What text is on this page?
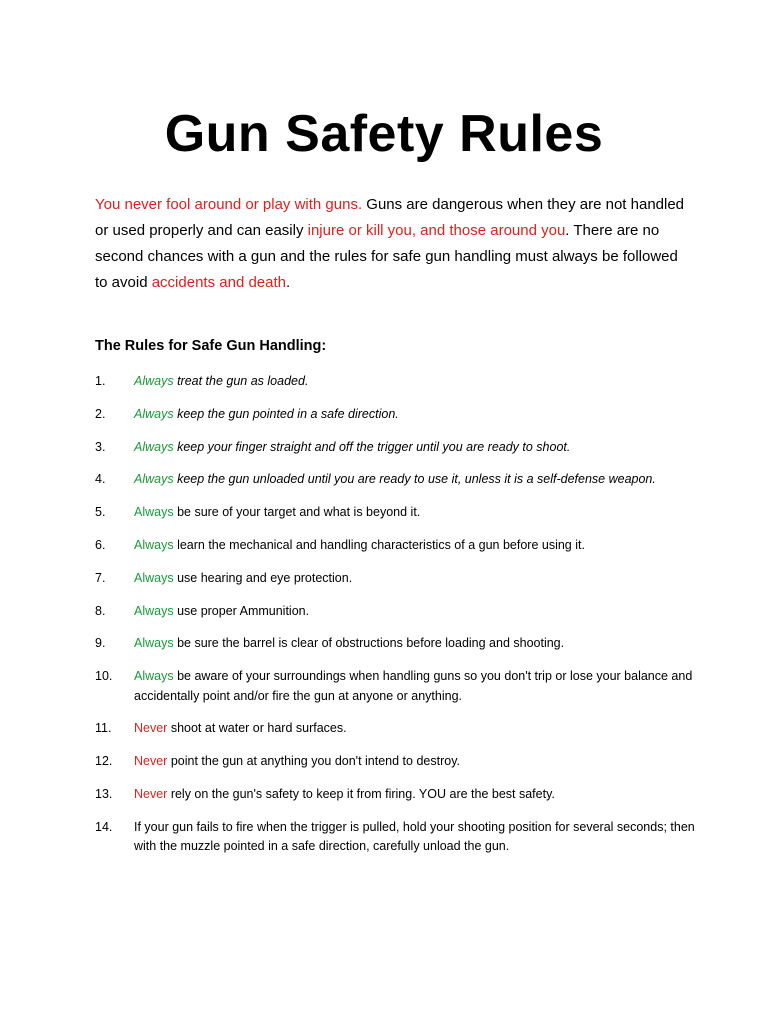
Gun Safety Rules

You never fool around or play with guns. Guns are dangerous when they are not handled or used properly and can easily injure or kill you, and those around you. There are no second chances with a gun and the rules for safe gun handling must always be followed to avoid accidents and death.

The Rules for Safe Gun Handling:
1.	Always treat the gun as loaded.
2.	Always keep the gun pointed in a safe direction.
3.	Always keep your finger straight and off the trigger until you are ready to shoot.
4.	Always keep the gun unloaded until you are ready to use it, unless it is a self-defense weapon.
5.	Always be sure of your target and what is beyond it.
6.	Always learn the mechanical and handling characteristics of a gun before using it.
7.	Always use hearing and eye protection.
8.	Always use proper Ammunition.
9.	Always be sure the barrel is clear of obstructions before loading and shooting.
10.	Always be aware of your surroundings when handling guns so you don't trip or lose your balance and accidentally point and/or fire the gun at anyone or anything.
11.	Never shoot at water or hard surfaces.
12.	Never point the gun at anything you don't intend to destroy.
13.	Never rely on the gun's safety to keep it from firing. YOU are the best safety.
14.	If your gun fails to fire when the trigger is pulled, hold your shooting position for several seconds; then with the muzzle pointed in a safe direction, carefully unload the gun.
